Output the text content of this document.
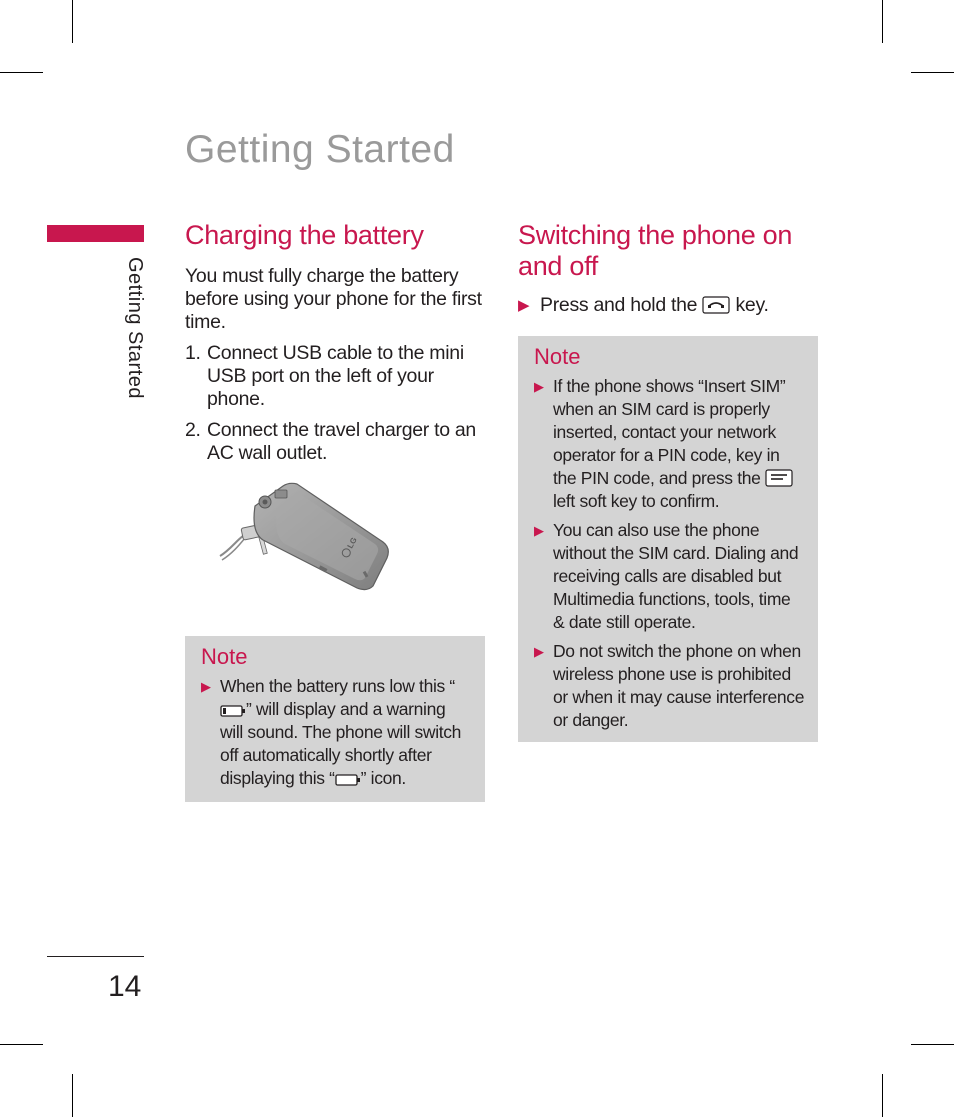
Getting Started
Getting Started
14
Charging the battery

You must fully charge the battery before using your phone for the first time.

1. Connect USB cable to the mini USB port on the left of your phone.
2. Connect the travel charger to an AC wall outlet.
LG
Note
▶ When the battery runs low this “” will display and a warning will sound. The phone will switch off automatically shortly after displaying this “ ” icon.
Switching the phone on and off
▶ Press and hold the  key.
Note
▶ If the phone shows “Insert SIM” when an SIM card is properly inserted, contact your network operator for a PIN code, key in the PIN code, and press the  left soft key to confirm.
▶ You can also use the phone without the SIM card. Dialing and receiving calls are disabled but Multimedia functions, tools, time & date still operate.
▶ Do not switch the phone on when wireless phone use is prohibited or when it may cause interference or danger.
